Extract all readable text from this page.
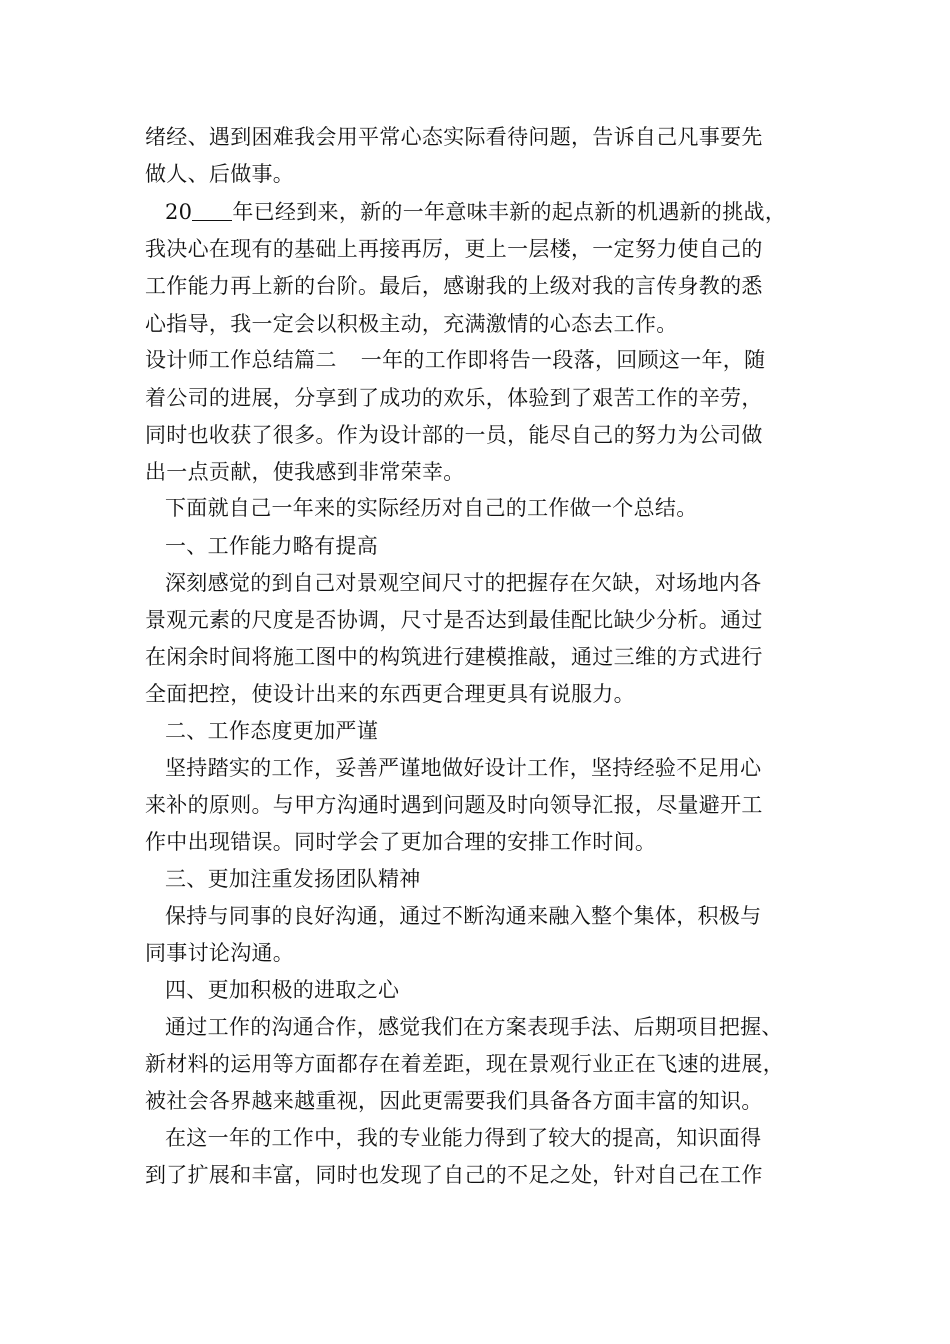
绪经、遇到困难我会用平常心态实际看待问题，告诉自己凡事要先
做人、后做事。
20 年已经到来，新的一年意味丰新的起点新的机遇新的挑战，
我决心在现有的基础上再接再厉，更上一层楼，一定努力使自己的
工作能力再上新的台阶。最后，感谢我的上级对我的言传身教的悉
心指导，我一定会以积极主动，充满激情的心态去工作。
设计师工作总结篇二 一年的工作即将告一段落，回顾这一年，随
着公司的进展，分享到了成功的欢乐，体验到了艰苦工作的辛劳，
同时也收获了很多。作为设计部的一员，能尽自己的努力为公司做
出一点贡献，使我感到非常荣幸。
下面就自己一年来的实际经历对自己的工作做一个总结。
一、工作能力略有提高
深刻感觉的到自己对景观空间尺寸的把握存在欠缺，对场地内各
景观元素的尺度是否协调，尺寸是否达到最佳配比缺少分析。通过
在闲余时间将施工图中的构筑进行建模推敲，通过三维的方式进行
全面把控，使设计出来的东西更合理更具有说服力。
二、工作态度更加严谨
坚持踏实的工作，妥善严谨地做好设计工作，坚持经验不足用心
来补的原则。与甲方沟通时遇到问题及时向领导汇报，尽量避开工
作中出现错误。同时学会了更加合理的安排工作时间。
三、更加注重发扬团队精神
保持与同事的良好沟通，通过不断沟通来融入整个集体，积极与
同事讨论沟通。
四、更加积极的进取之心
通过工作的沟通合作，感觉我们在方案表现手法、后期项目把握、
新材料的运用等方面都存在着差距，现在景观行业正在飞速的进展，
被社会各界越来越重视，因此更需要我们具备各方面丰富的知识。
在这一年的工作中，我的专业能力得到了较大的提高，知识面得
到了扩展和丰富，同时也发现了自己的不足之处，针对自己在工作
